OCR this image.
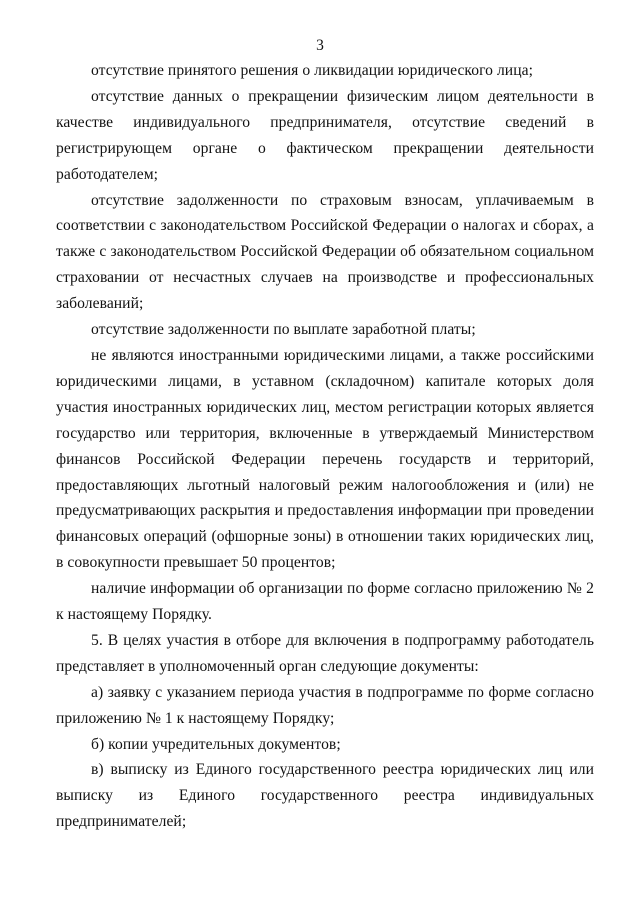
3

отсутствие принятого решения о ликвидации юридического лица;

отсутствие данных о прекращении физическим лицом деятельности в качестве индивидуального предпринимателя, отсутствие сведений в регистрирующем органе о фактическом прекращении деятельности работодателем;

отсутствие задолженности по страховым взносам, уплачиваемым в соответствии с законодательством Российской Федерации о налогах и сборах, а также с законодательством Российской Федерации об обязательном социальном страховании от несчастных случаев на производстве и профессиональных заболеваний;

отсутствие задолженности по выплате заработной платы;

не являются иностранными юридическими лицами, а также российскими юридическими лицами, в уставном (складочном) капитале которых доля участия иностранных юридических лиц, местом регистрации которых является государство или территория, включенные в утверждаемый Министерством финансов Российской Федерации перечень государств и территорий, предоставляющих льготный налоговый режим налогообложения и (или) не предусматривающих раскрытия и предоставления информации при проведении финансовых операций (офшорные зоны) в отношении таких юридических лиц, в совокупности превышает 50 процентов;

наличие информации об организации по форме согласно приложению № 2 к настоящему Порядку.

5. В целях участия в отборе для включения в подпрограмму работодатель представляет в уполномоченный орган следующие документы:

а) заявку с указанием периода участия в подпрограмме по форме согласно приложению № 1 к настоящему Порядку;

б) копии учредительных документов;

в) выписку из Единого государственного реестра юридических лиц или выписку из Единого государственного реестра индивидуальных предпринимателей;
